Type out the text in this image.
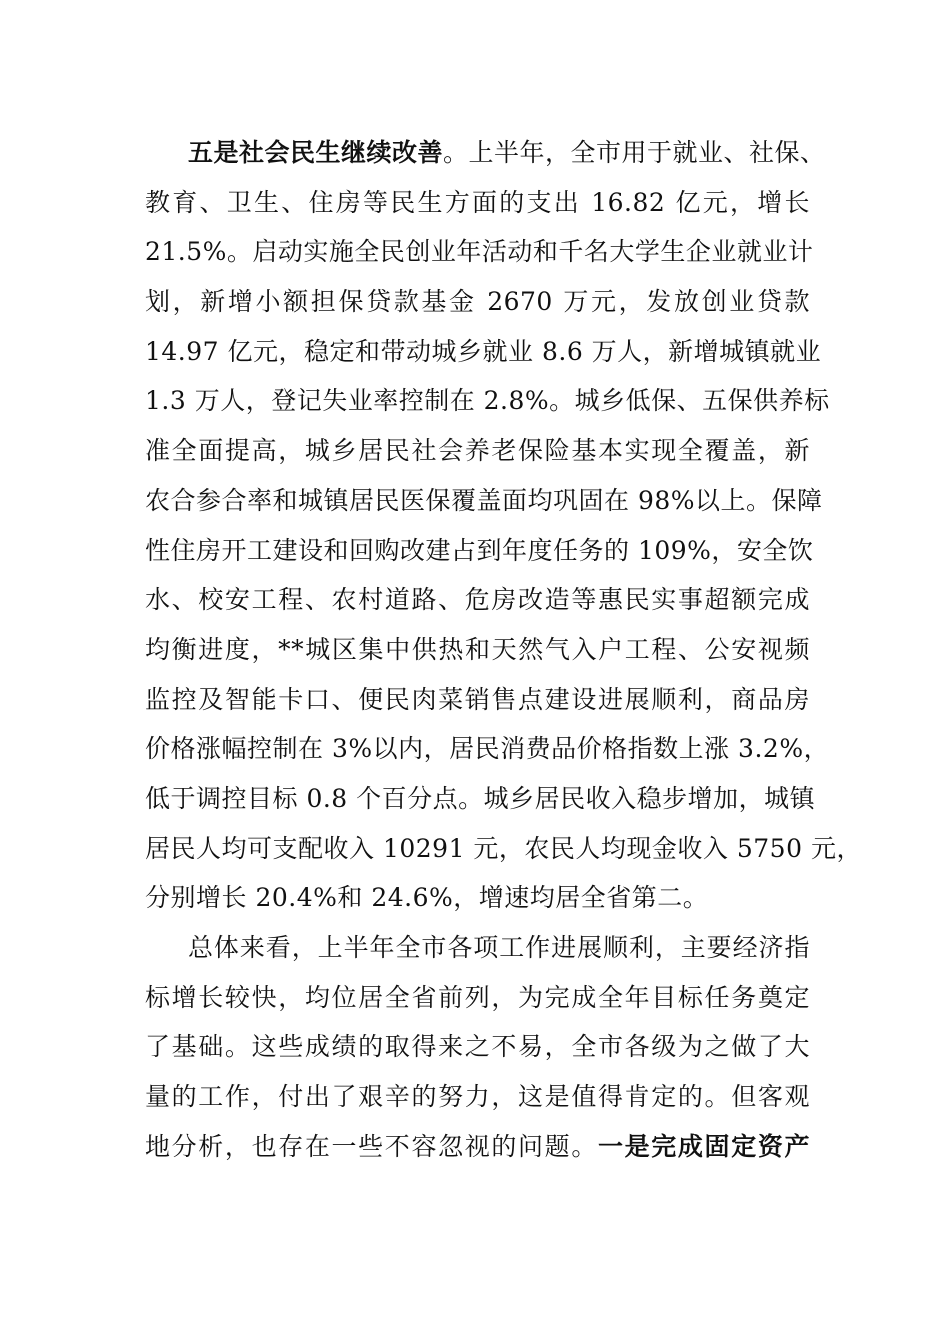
五是社会民生继续改善。上半年，全市用于就业、社保、
教育、卫生、住房等民生方面的支出 16.82 亿元，增长
21.5%。启动实施全民创业年活动和千名大学生企业就业计
划，新增小额担保贷款基金 2670 万元，发放创业贷款
14.97 亿元，稳定和带动城乡就业 8.6 万人，新增城镇就业
1.3 万人，登记失业率控制在 2.8%。城乡低保、五保供养标
准全面提高，城乡居民社会养老保险基本实现全覆盖，新
农合参合率和城镇居民医保覆盖面均巩固在 98%以上。保障
性住房开工建设和回购改建占到年度任务的 109%，安全饮
水、校安工程、农村道路、危房改造等惠民实事超额完成
均衡进度，**城区集中供热和天然气入户工程、公安视频
监控及智能卡口、便民肉菜销售点建设进展顺利，商品房
价格涨幅控制在 3%以内，居民消费品价格指数上涨 3.2%，
低于调控目标 0.8 个百分点。城乡居民收入稳步增加，城镇
居民人均可支配收入 10291 元，农民人均现金收入 5750 元，
分别增长 20.4%和 24.6%，增速均居全省第二。
总体来看，上半年全市各项工作进展顺利，主要经济指
标增长较快，均位居全省前列，为完成全年目标任务奠定
了基础。这些成绩的取得来之不易，全市各级为之做了大
量的工作，付出了艰辛的努力，这是值得肯定的。但客观
地分析，也存在一些不容忽视的问题。一是完成固定资产
